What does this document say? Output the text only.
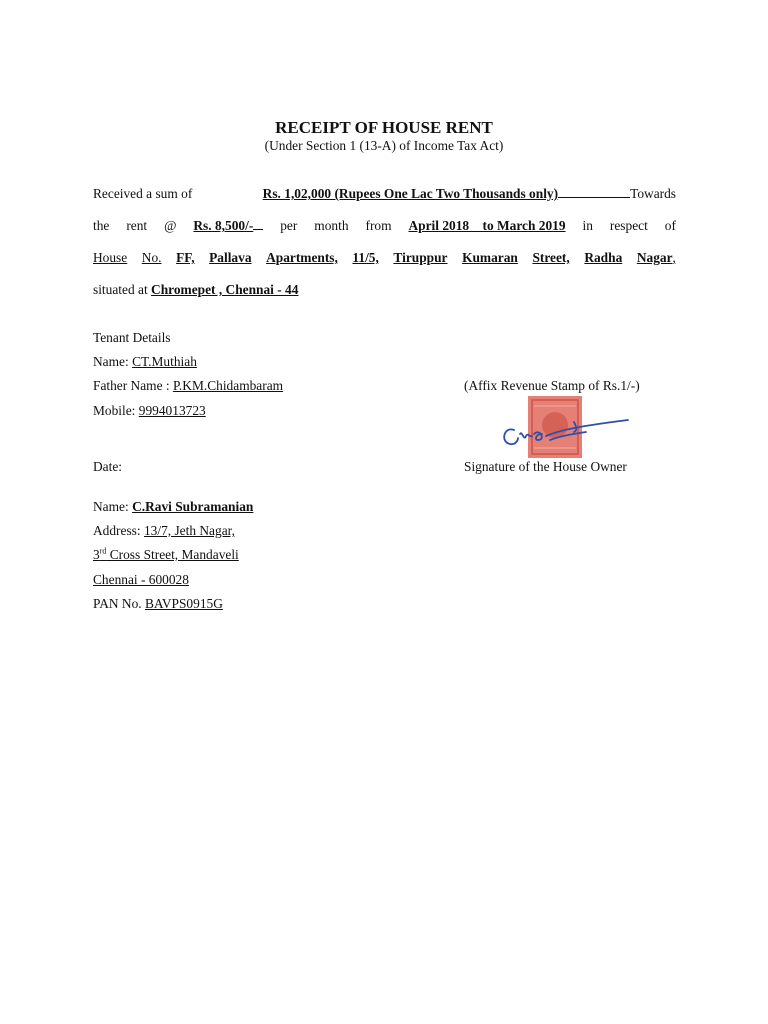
RECEIPT OF HOUSE RENT
(Under Section 1 (13-A) of Income Tax Act)
Received a sum of	Rs. 1,02,000 (Rupees One Lac Two Thousands only)	Towards
the rent @ Rs. 8,500/- per month from April 2018__to March 2019 in respect of
House No. FF, Pallava Apartments, 11/5, Tiruppur Kumaran Street, Radha Nagar ,
situated at Chromepet , Chennai - 44
Tenant Details
Name: CT.Muthiah
Father Name : P.KM.Chidambaram
Mobile: 9994013723
Date:
(Affix Revenue Stamp of Rs.1/-)
Signature of the House Owner
Name: C.Ravi Subramanian
Address: 13/7, Jeth Nagar,
3rd Cross Street, Mandaveli
Chennai - 600028
PAN No. BAVPS0915G
